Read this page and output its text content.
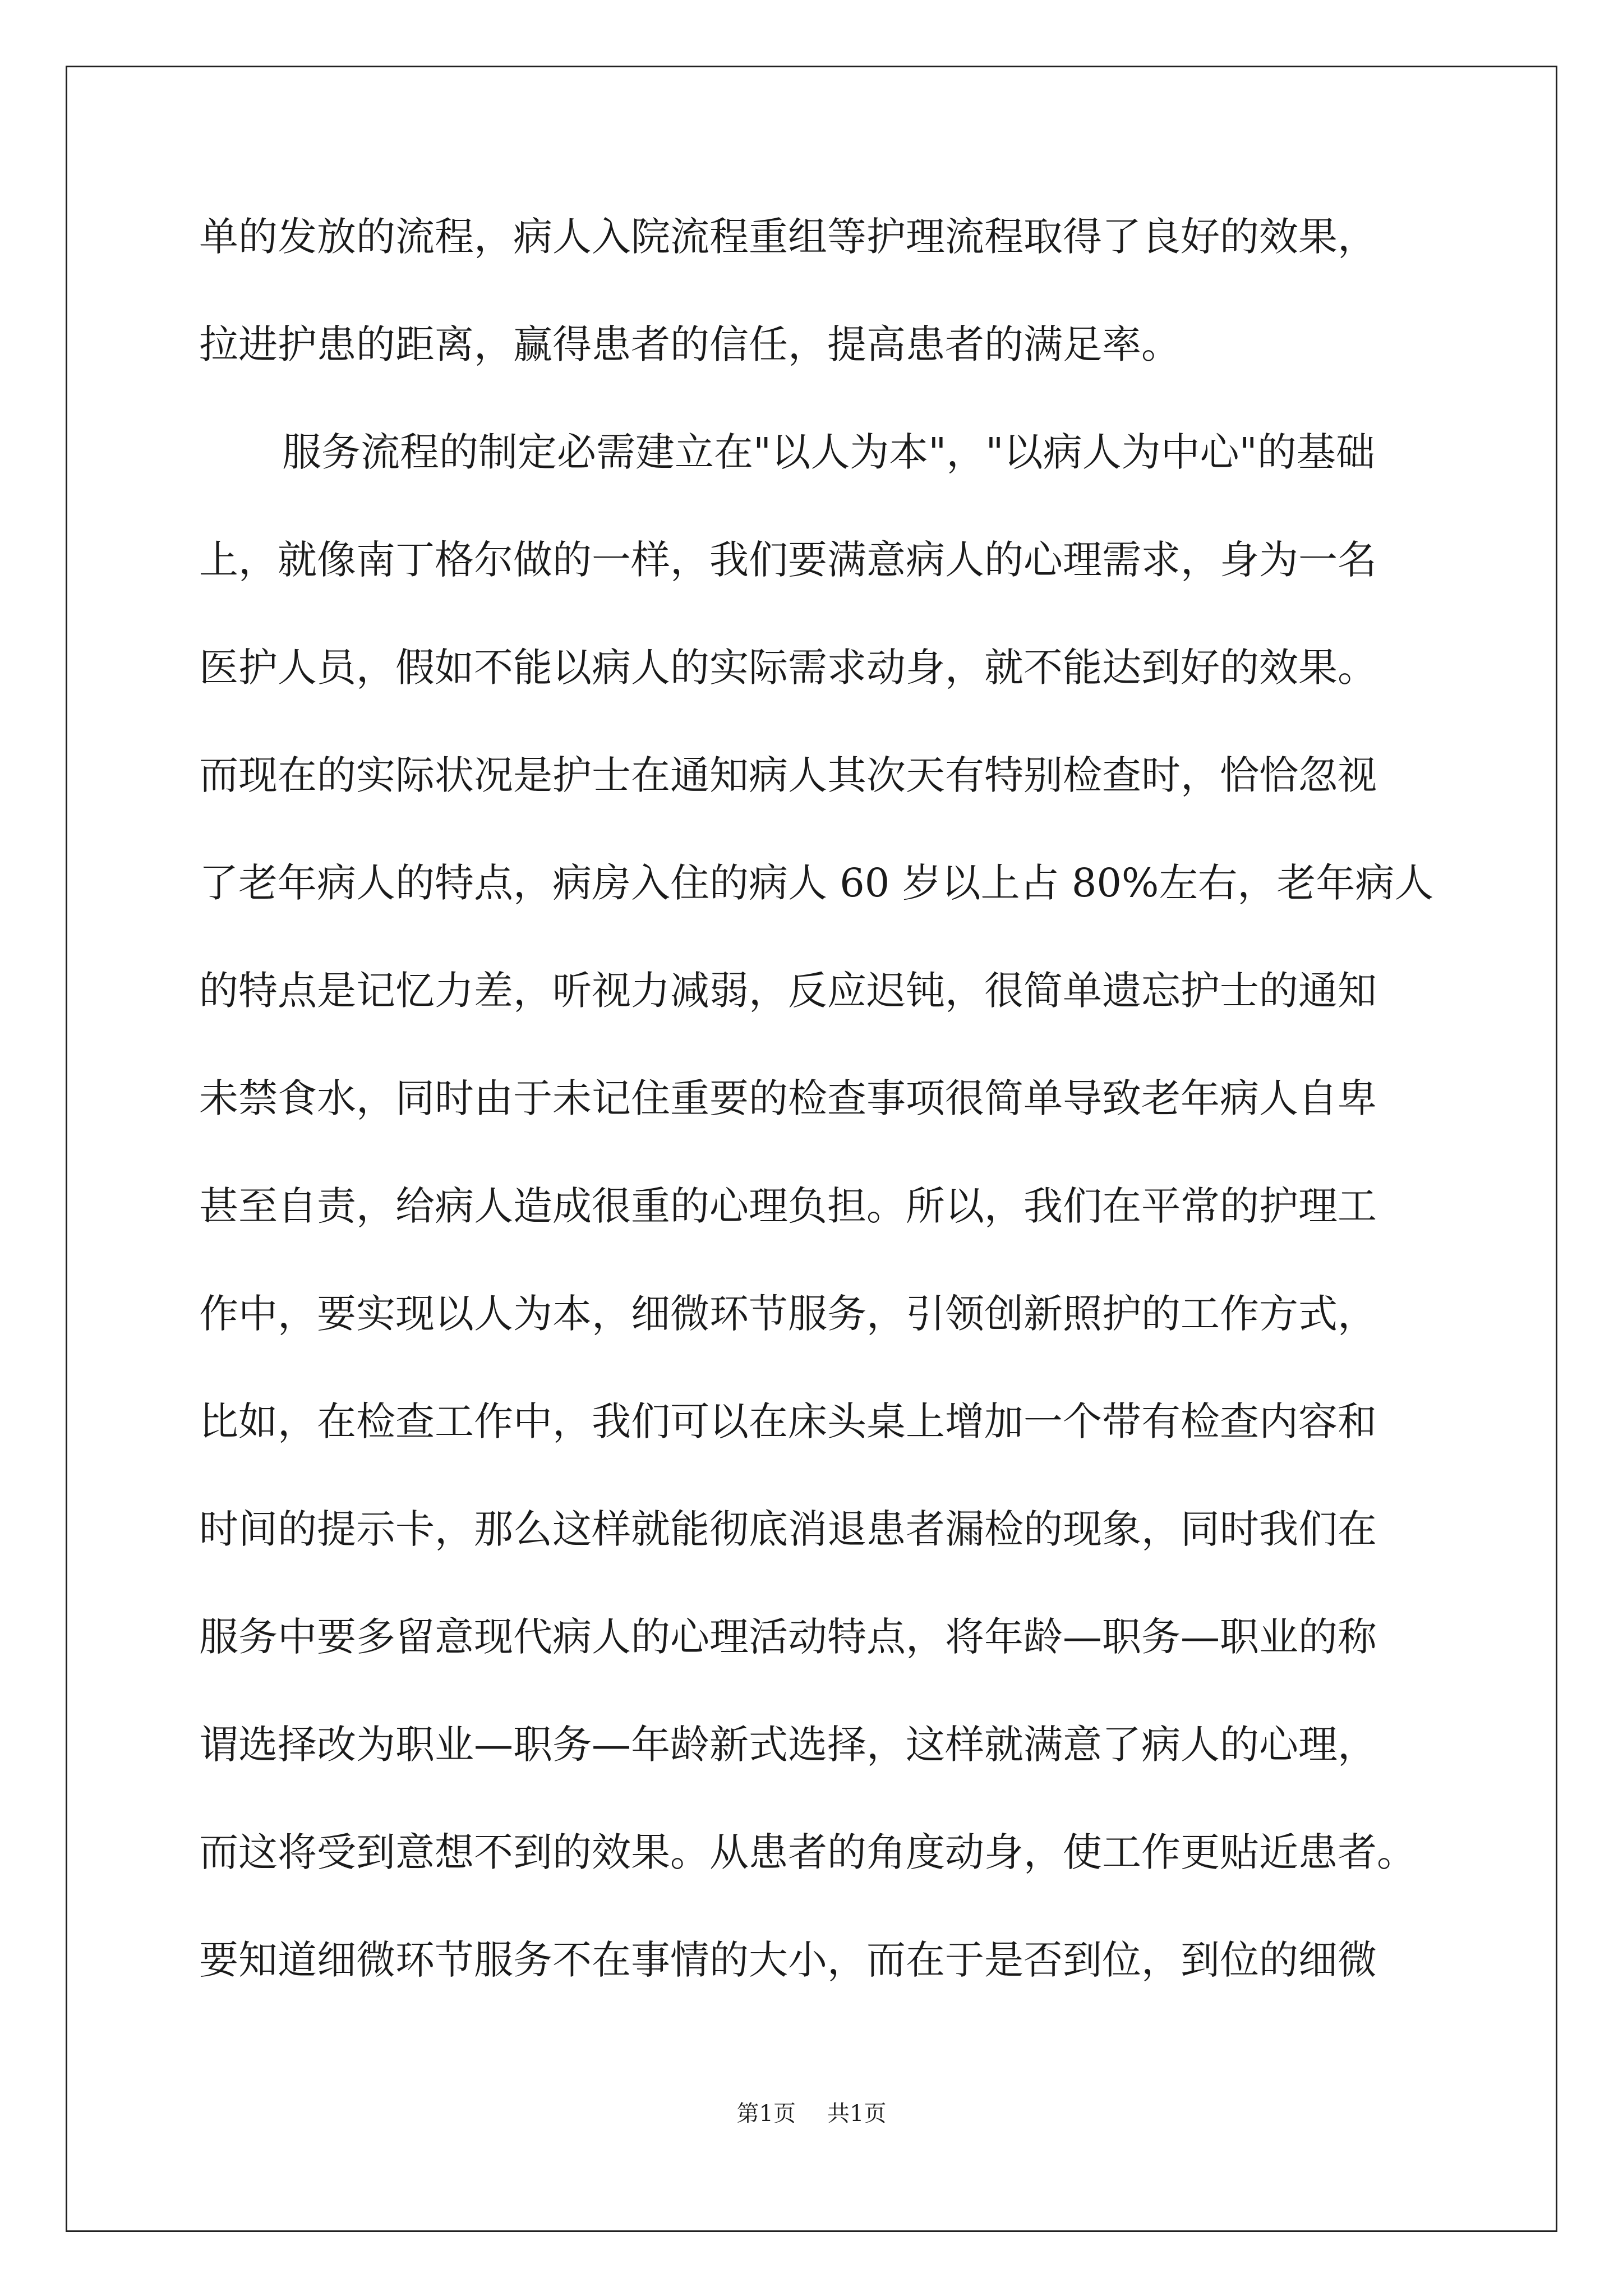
单的发放的流程，病人入院流程重组等护理流程取得了良好的效果，
拉进护患的距离，赢得患者的信任，提高患者的满足率。
服务流程的制定必需建立在"以人为本"，"以病人为中心"的基础
上，就像南丁格尔做的一样，我们要满意病人的心理需求，身为一名
医护人员，假如不能以病人的实际需求动身，就不能达到好的效果。
而现在的实际状况是护士在通知病人其次天有特别检查时，恰恰忽视
了老年病人的特点，病房入住的病人 60 岁以上占 80%左右，老年病人
的特点是记忆力差，听视力减弱，反应迟钝，很简单遗忘护士的通知
未禁食水，同时由于未记住重要的检查事项很简单导致老年病人自卑
甚至自责，给病人造成很重的心理负担。所以，我们在平常的护理工
作中，要实现以人为本，细微环节服务，引领创新照护的工作方式，
比如，在检查工作中，我们可以在床头桌上增加一个带有检查内容和
时间的提示卡，那么这样就能彻底消退患者漏检的现象，同时我们在
服务中要多留意现代病人的心理活动特点，将年龄—职务—职业的称
谓选择改为职业—职务—年龄新式选择，这样就满意了病人的心理，
而这将受到意想不到的效果。从患者的角度动身，使工作更贴近患者。
要知道细微环节服务不在事情的大小，而在于是否到位，到位的细微
第1页 共1页
